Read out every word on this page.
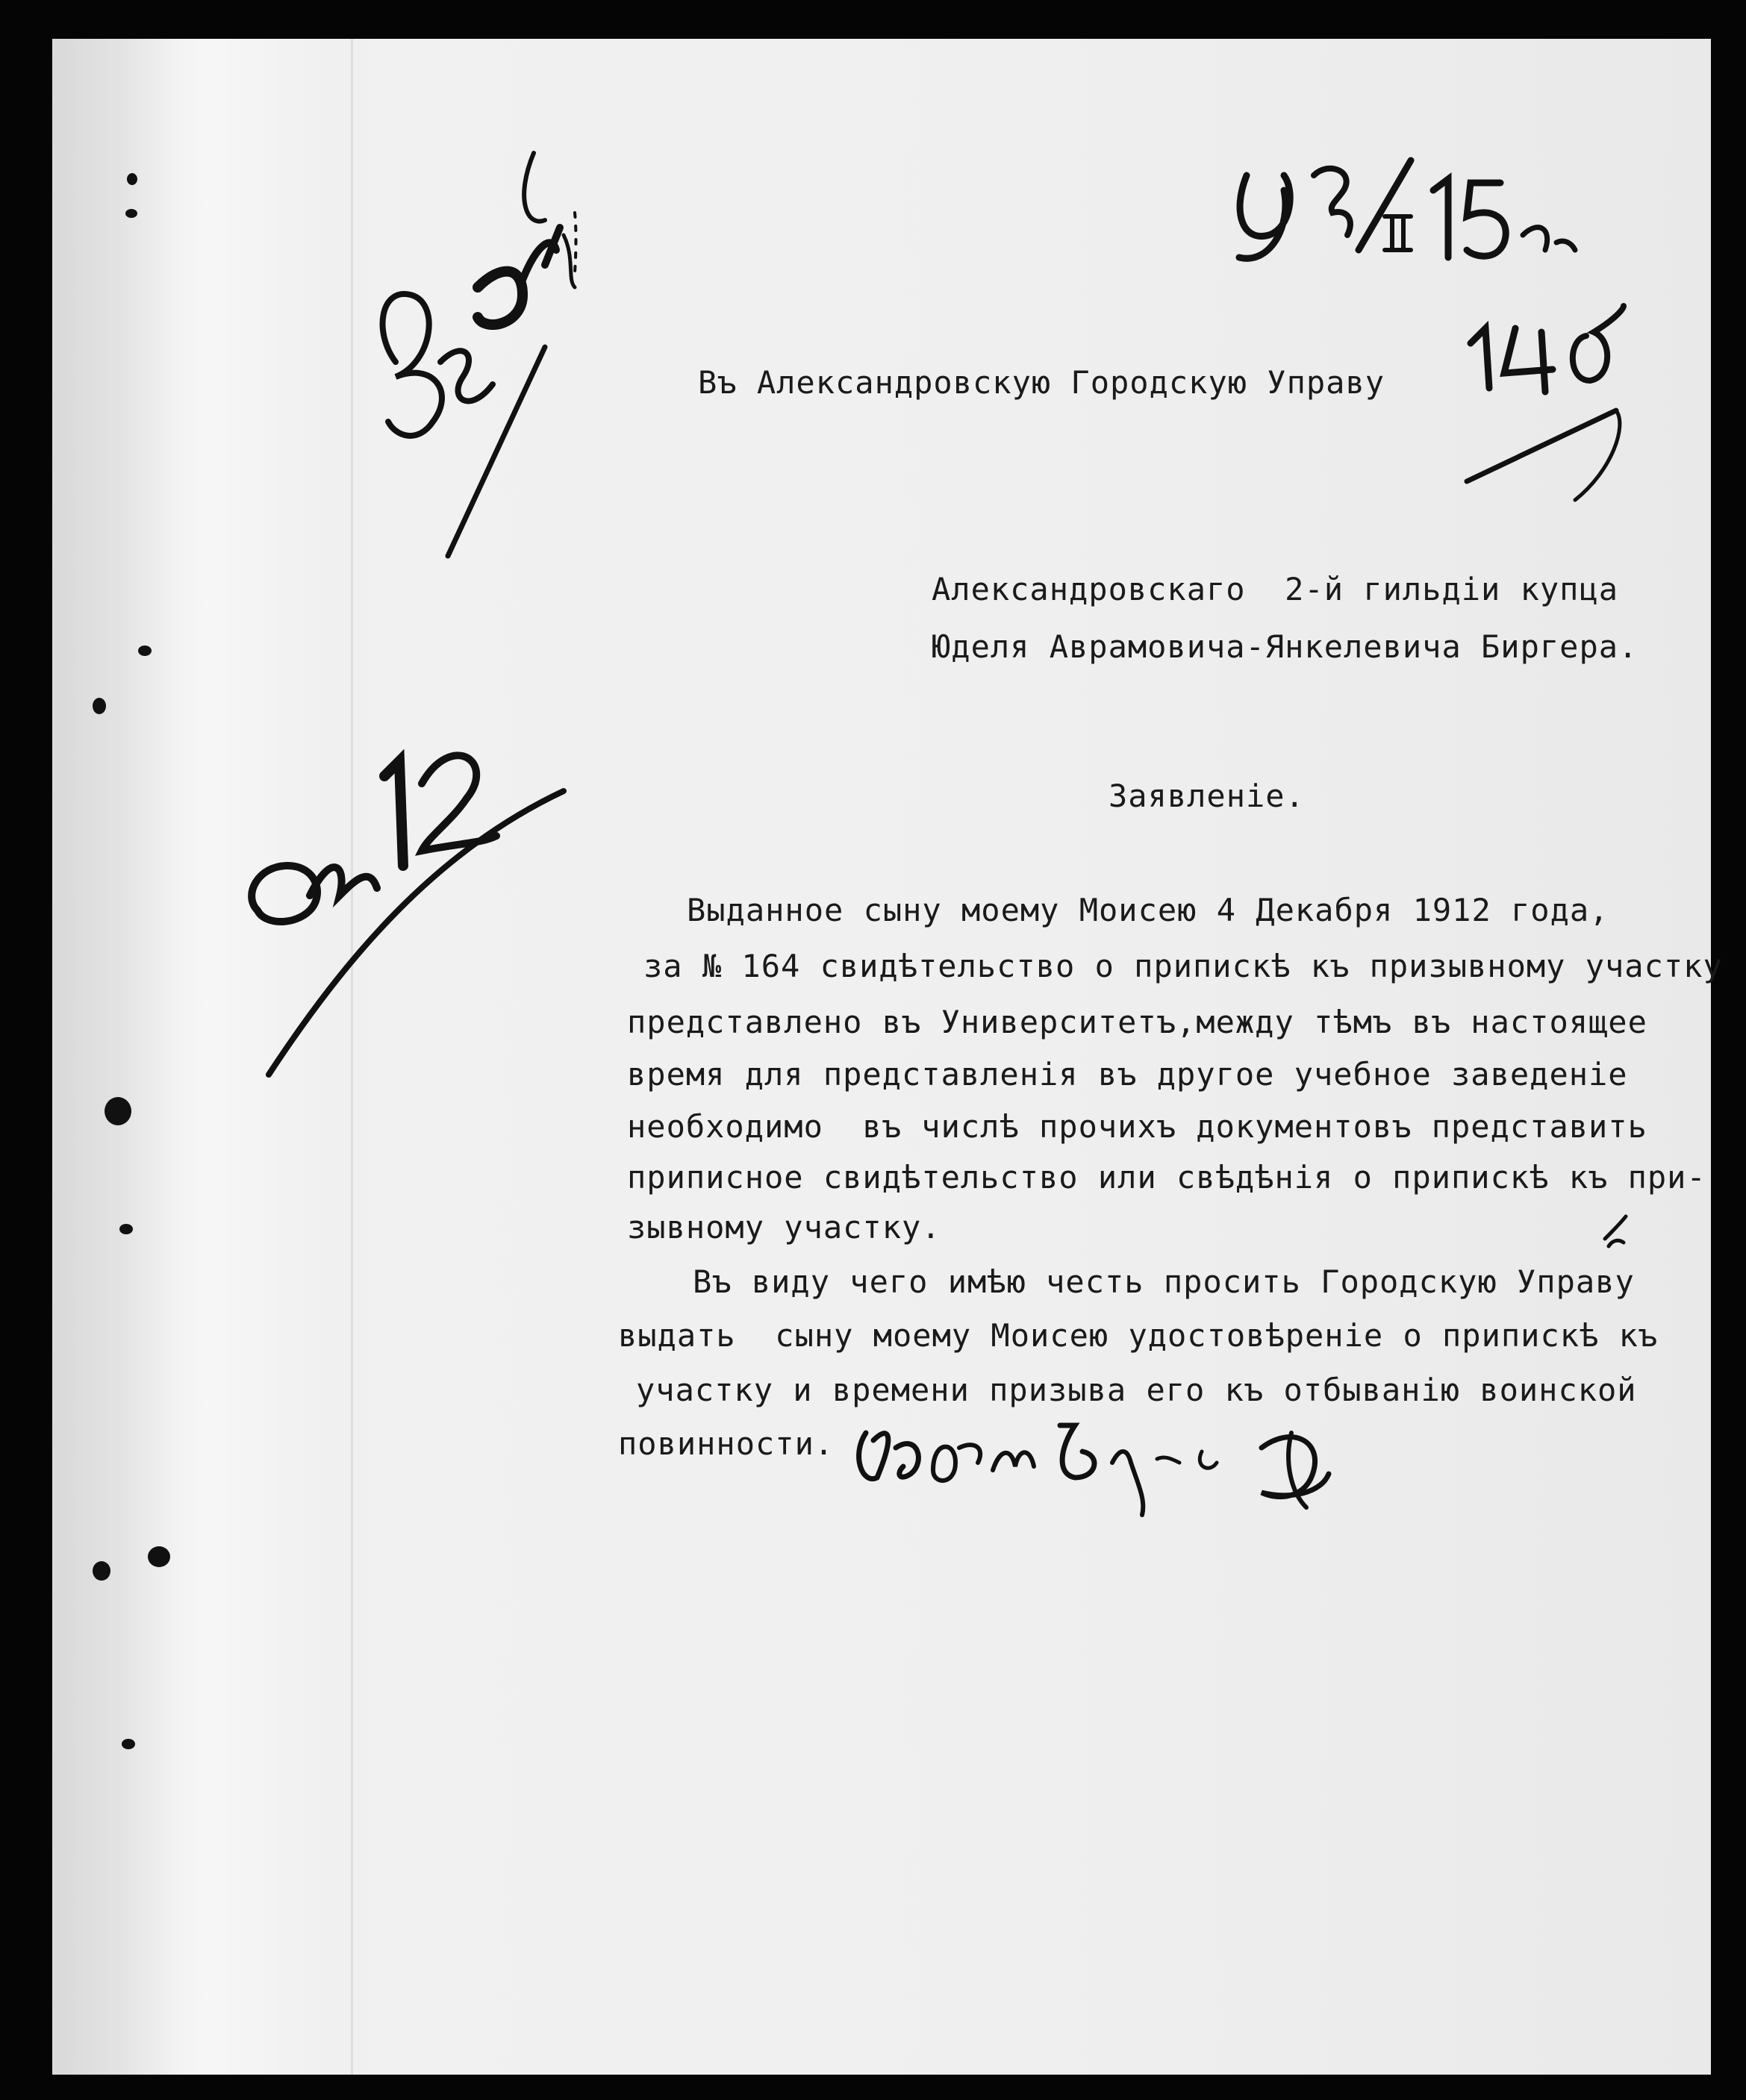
Въ Александровскую Городскую Управу

Александровскаго  2-й гильдіи купца

Юделя Аврамовича-Янкелевича Биргера.

Заявленіе.

Выданное сыну моему Моисею 4 Декабря 1912 года,

за № 164 свидѣтельство о припискѣ къ призывному участку

представлено въ Университетъ,между тѣмъ въ настоящее

время для представленія въ другое учебное заведеніе

необходимо  въ числѣ прочихъ документовъ представить

приписное свидѣтельство или свѣдѣнія о припискѣ къ при-

зывному участку.

Въ виду чего имѣю честь просить Городскую Управу

выдать  сыну моему Моисею удостовѣреніе о припискѣ къ

участку и времени призыва его къ отбыванію воинской

повинности.
